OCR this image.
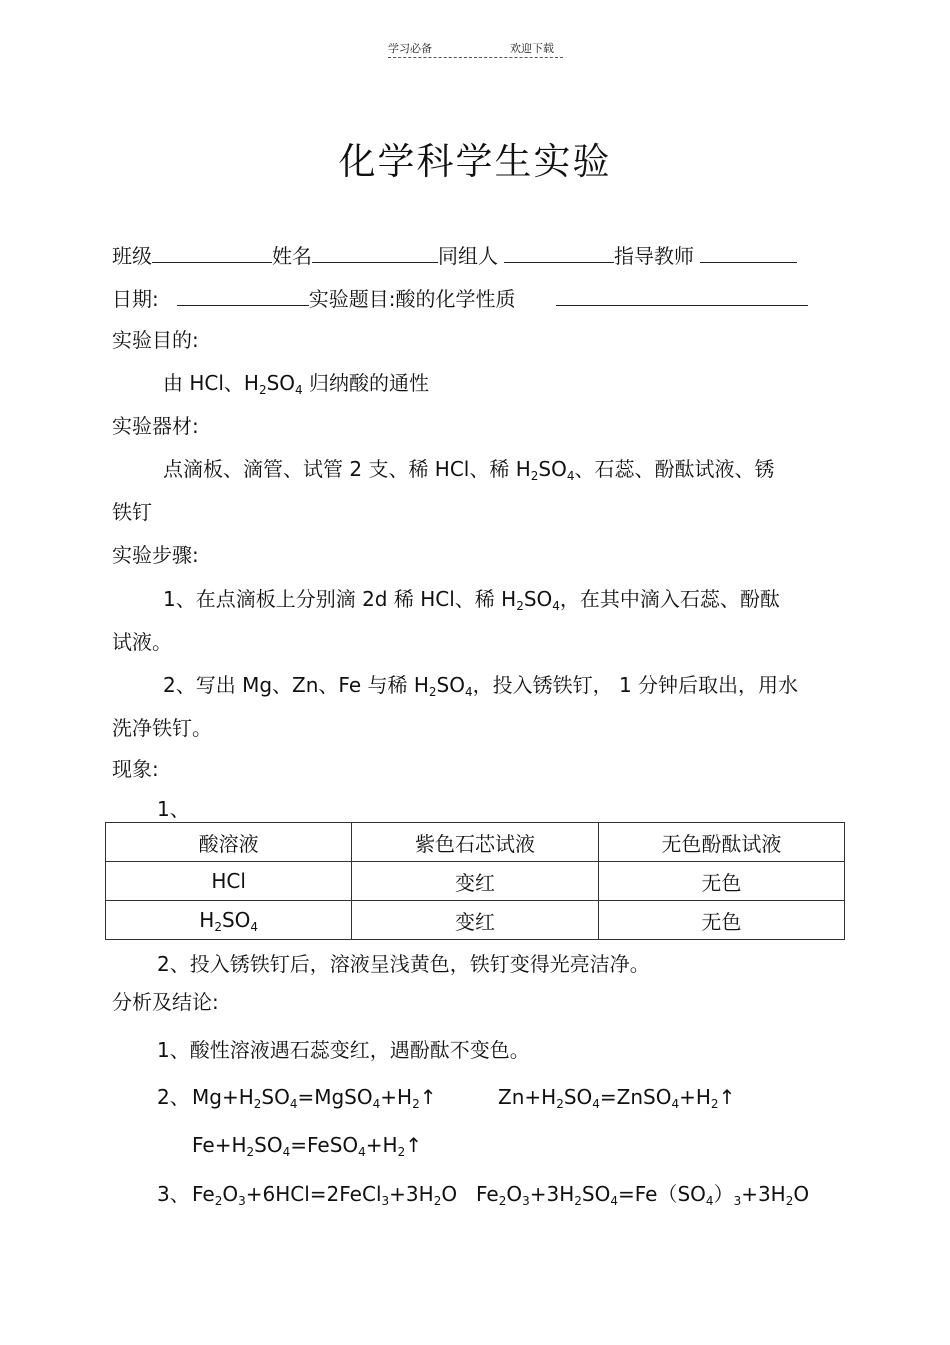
学习必备	欢迎下载
化学科学生实验
班级	姓名	同组人	指导教师
日期:	实验题目:酸的化学性质
实验目的:
由 HCl、$H_2SO_4$ 归纳酸的通性
实验器材:
点滴板、滴管、试管 2 支、稀 HCl、稀 $H_2SO_4$、石蕊、酚酞试液、锈
铁钉
实验步骤:
1、在点滴板上分别滴 2d 稀 HCl、稀 $H_2SO_4$，在其中滴入石蕊、酚酞
试液。
2、写出 Mg、Zn、Fe 与稀 $H_2SO_4$，投入锈铁钉， 1 分钟后取出，用水
洗净铁钉。
现象:
1、
酸溶液	紫色石芯试液	无色酚酞试液
HCl	变红	无色
$H_2SO_4$	变红	无色
2、投入锈铁钉后，溶液呈浅黄色，铁钉变得光亮洁净。
分析及结论:
1、酸性溶液遇石蕊变红，遇酚酞不变色。
2、 $Mg+H_2SO_4=MgSO_4+H_2↑$	$Zn+H_2SO_4=ZnSO_4+H_2↑$
$Fe+H_2SO_4=FeSO_4+H_2↑$
3、 $Fe_2O_3+6HCl=2FeCl_3+3H_2O$ $Fe_2O_3+3H_2SO_4=Fe(SO_4)_3+3H_2O$
